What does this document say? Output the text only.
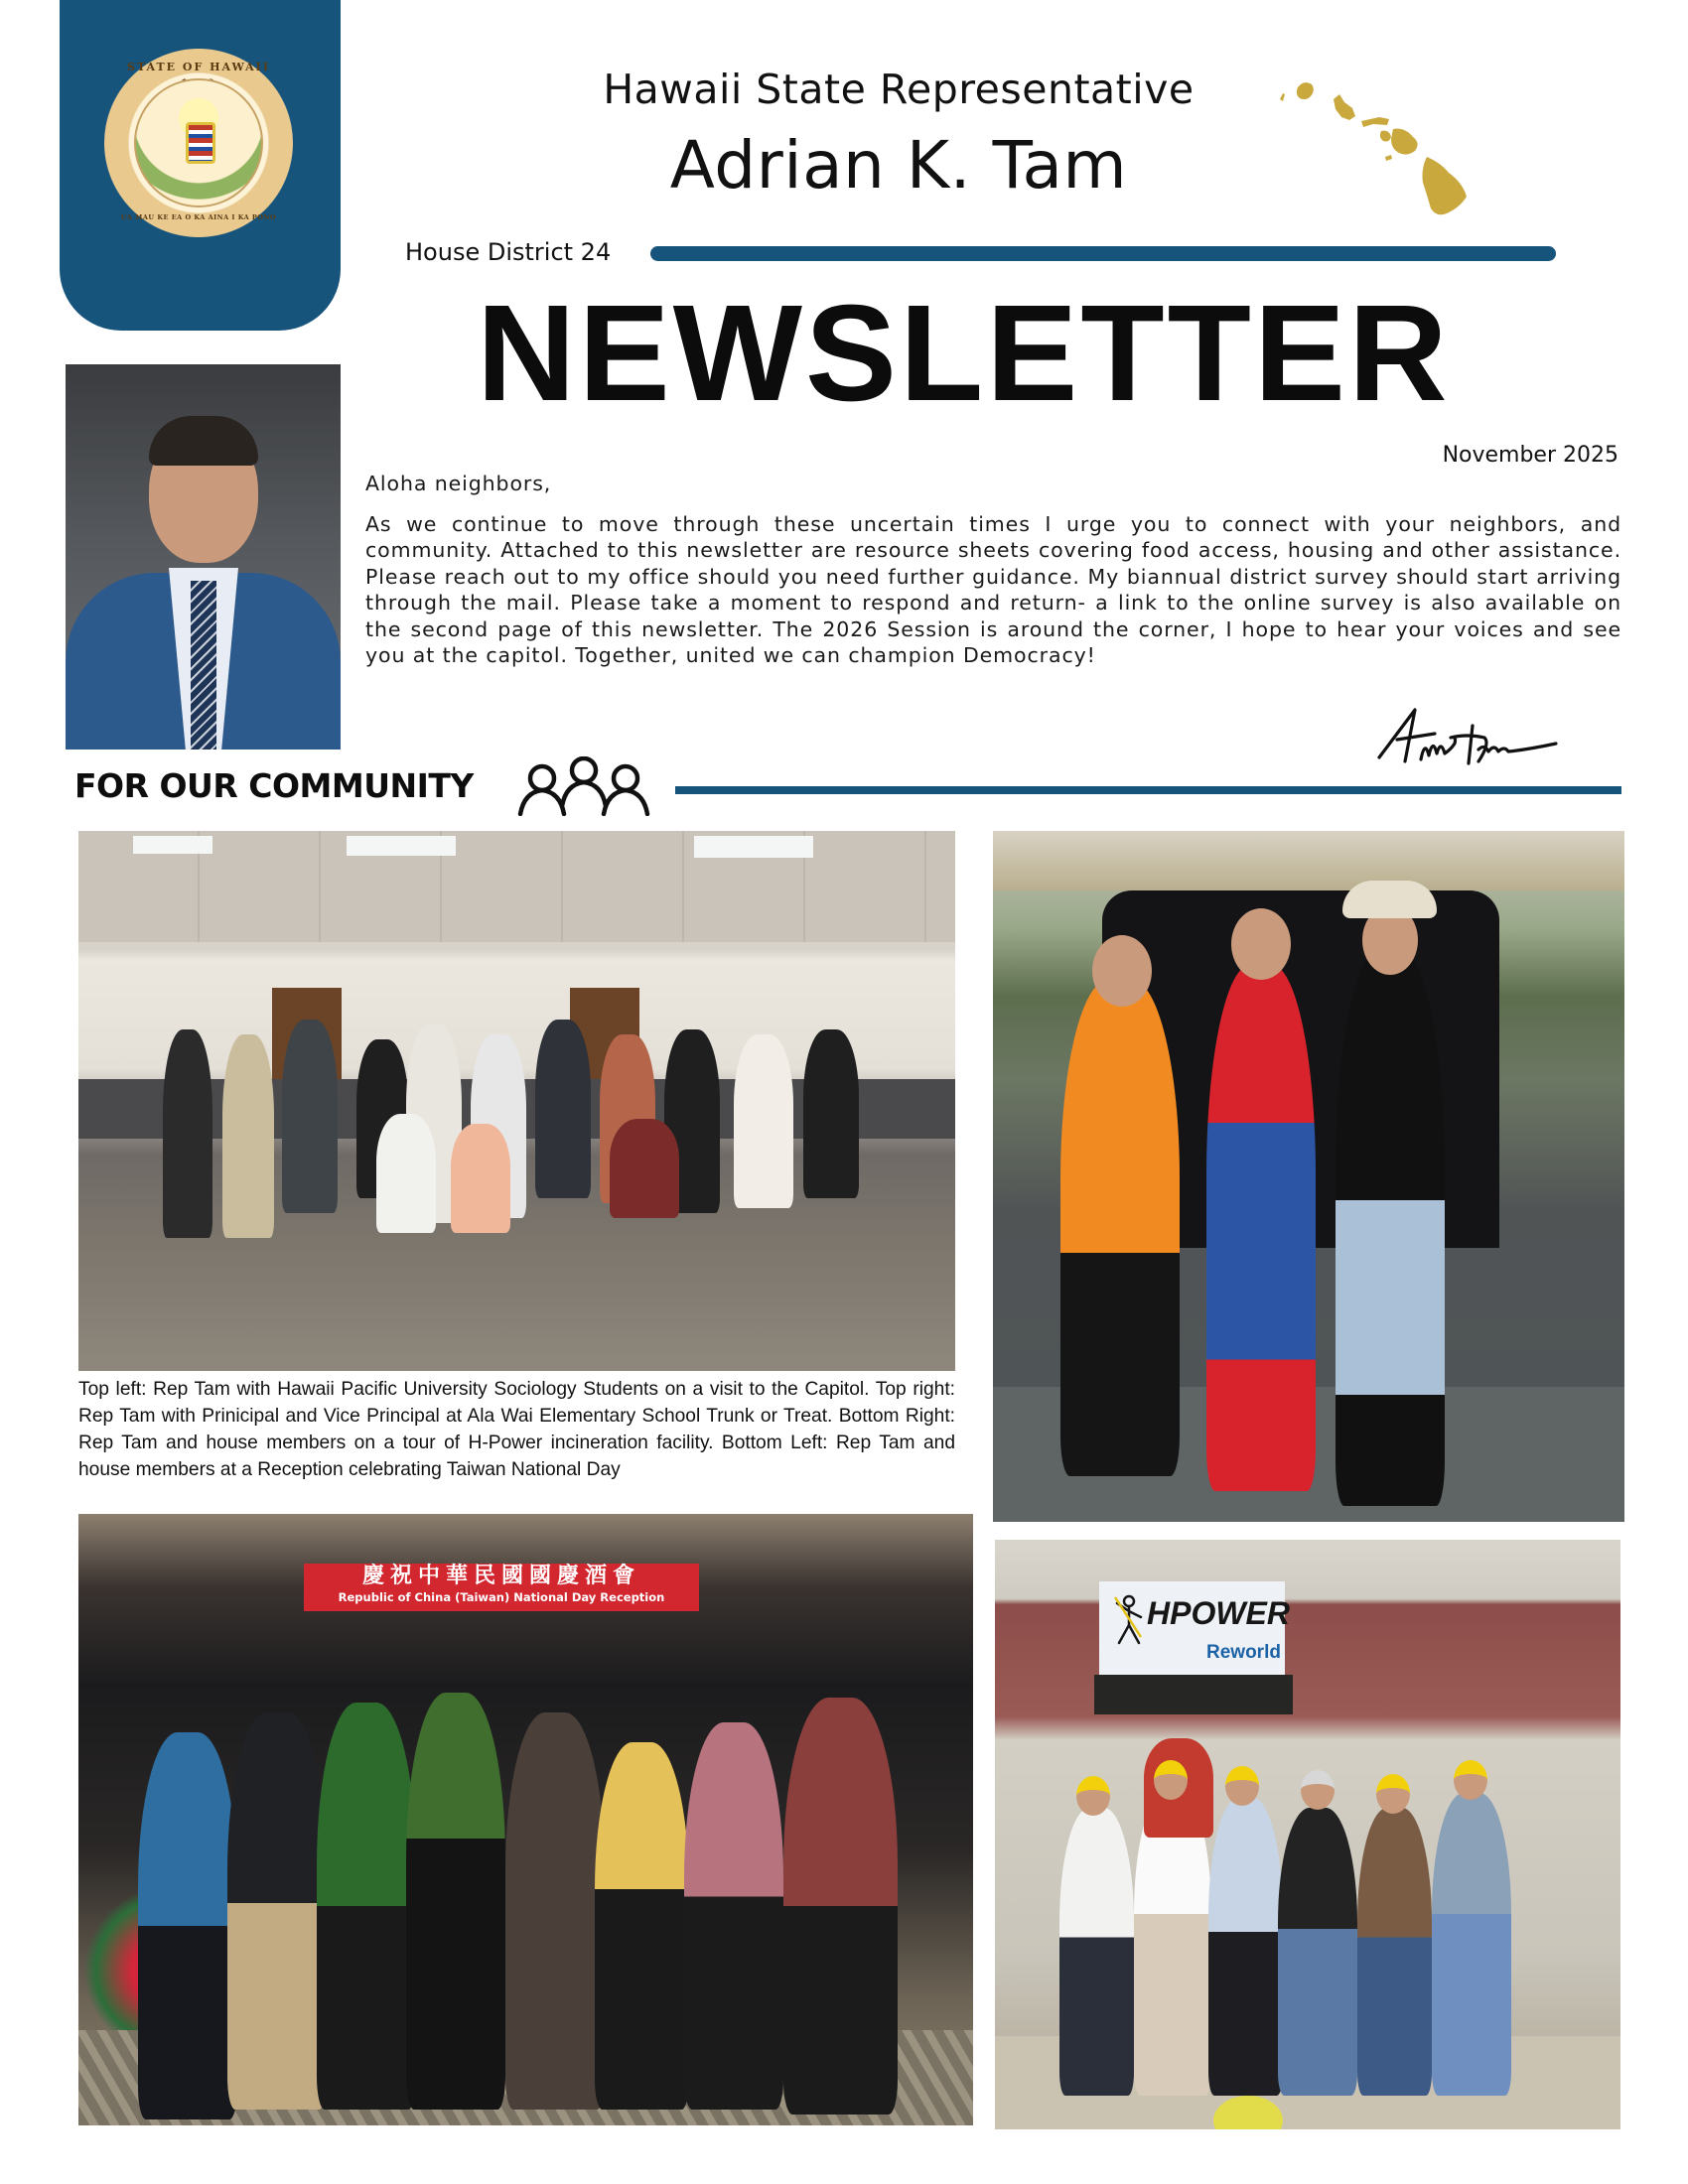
STATE OF HAWAII
UA MAU KE EA O KA AINA I KA PONO
Hawaii State Representative
Adrian K. Tam
House District 24
NEWSLETTER
November 2025

Aloha neighbors,

As we continue to move through these uncertain times I urge you to connect with your neighbors, and community. Attached to this newsletter are resource sheets covering food access, housing and other assistance. Please reach out to my office should you need further guidance. My biannual district survey should start arriving through the mail. Please take a moment to respond and return- a link to the online survey is also available on the second page of this newsletter. The 2026 Session is around the corner, I hope to hear your voices and see you at the capitol. Together, united we can champion Democracy!

FOR OUR COMMUNITY

Top left: Rep Tam with Hawaii Pacific University Sociology Students on a visit to the Capitol. Top right: Rep Tam with Prinicipal and Vice Principal at Ala Wai Elementary School Trunk or Treat. Bottom Right: Rep Tam and house members on a tour of H-Power incineration facility. Bottom Left: Rep Tam and house members at a Reception celebrating Taiwan National Day

慶祝中華民國國慶酒會
Republic of China (Taiwan) National Day Reception	HPOWER
Reworld
